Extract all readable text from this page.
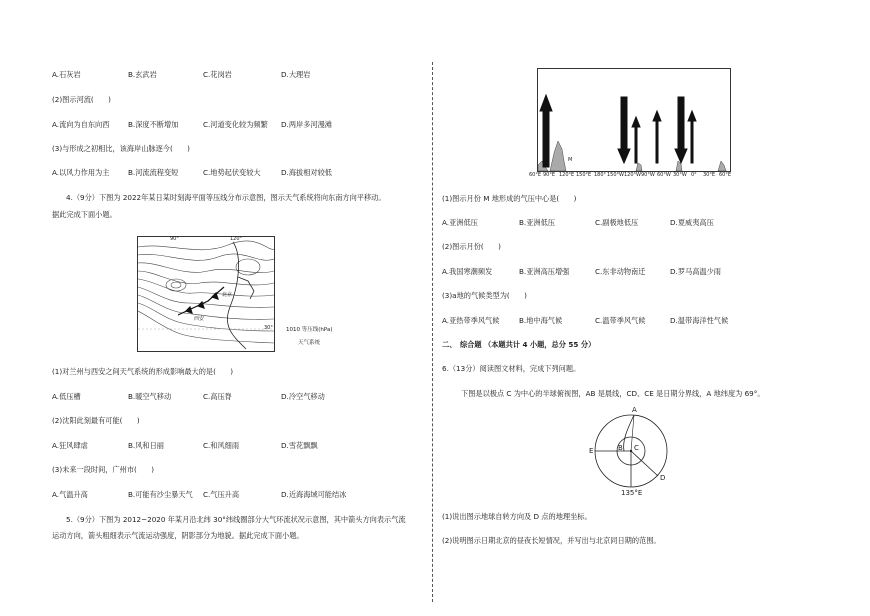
A.石灰岩	B.玄武岩	C.花岗岩	D.大理岩
(2)图示河流(　　)
A.流向为自东向西	B.深度不断增加	C.河道变化较为频繁 D.两岸多河漫滩
(3)与形成之初相比，该海岸山脉逐今(　　)
A.以风力作用为主	B.河流流程变短	C.地势起伏变较大	D.海拔相对较低
4.（9分）下图为 2022年某日某时刻海平面等压线分布示意图，图示天气系统将向东南方向平移动。
据此完成下面小题。
90°	120°
30°
北京
西安
1010 等压线(hPa)
天气系统
(1)对兰州与西安之间天气系统的形成影响最大的是(　　)
A.低压槽	B.暖空气移动	C.高压脊	D.冷空气移动
(2)沈阳此刻最有可能(　　)
A.狂风肆虐	B.风和日丽	C.和风细雨	D.雪花飘飘
(3)未来一段时间，广州市(　　)
A.气温升高	B.可能有沙尘暴天气 C.气压升高	D.近海海域可能结冰
5.（9分）下图为 2012~2020 年某月沿北纬 30°纬线圈部分大气环流状况示意图，其中箭头方向表示气流
运动方向，箭头粗细表示气流运动强度，阴影部分为地貌。据此完成下面小题。
M
60°E 90°E 120°E 150°E 180° 150°W 120°W 90°W 60°W 30°W 0° 30°E 60°E
(1)图示月份 M 地形成的气压中心是(　　)
A.亚洲低压	B.亚洲低压	C.副极地低压	D.夏威夷高压
(2)图示月份(　　)
A.我国寒潮频发	B.亚洲高压增强	C.东非动物南迁	D.罗马高温少雨
(3)a地的气候类型为(　　)
A.亚热带季风气候	B.地中海气候	C.温带季风气候	D.温带海洋性气候
二、　综合题 （本题共计 4 小题，总分 55 分）
6.（13分）阅读图文材料，完成下列问题。
下图是以极点 C 为中心的半球俯视图，AB 是晨线，CD、CE 是日期分界线，A 地纬度为 69°。
A
B C
D
E
135°E
(1)说出图示地球自转方向及 D 点的地理坐标。
(2)说明图示日期北京的昼夜长短情况，并写出与北京同日期的范围。
